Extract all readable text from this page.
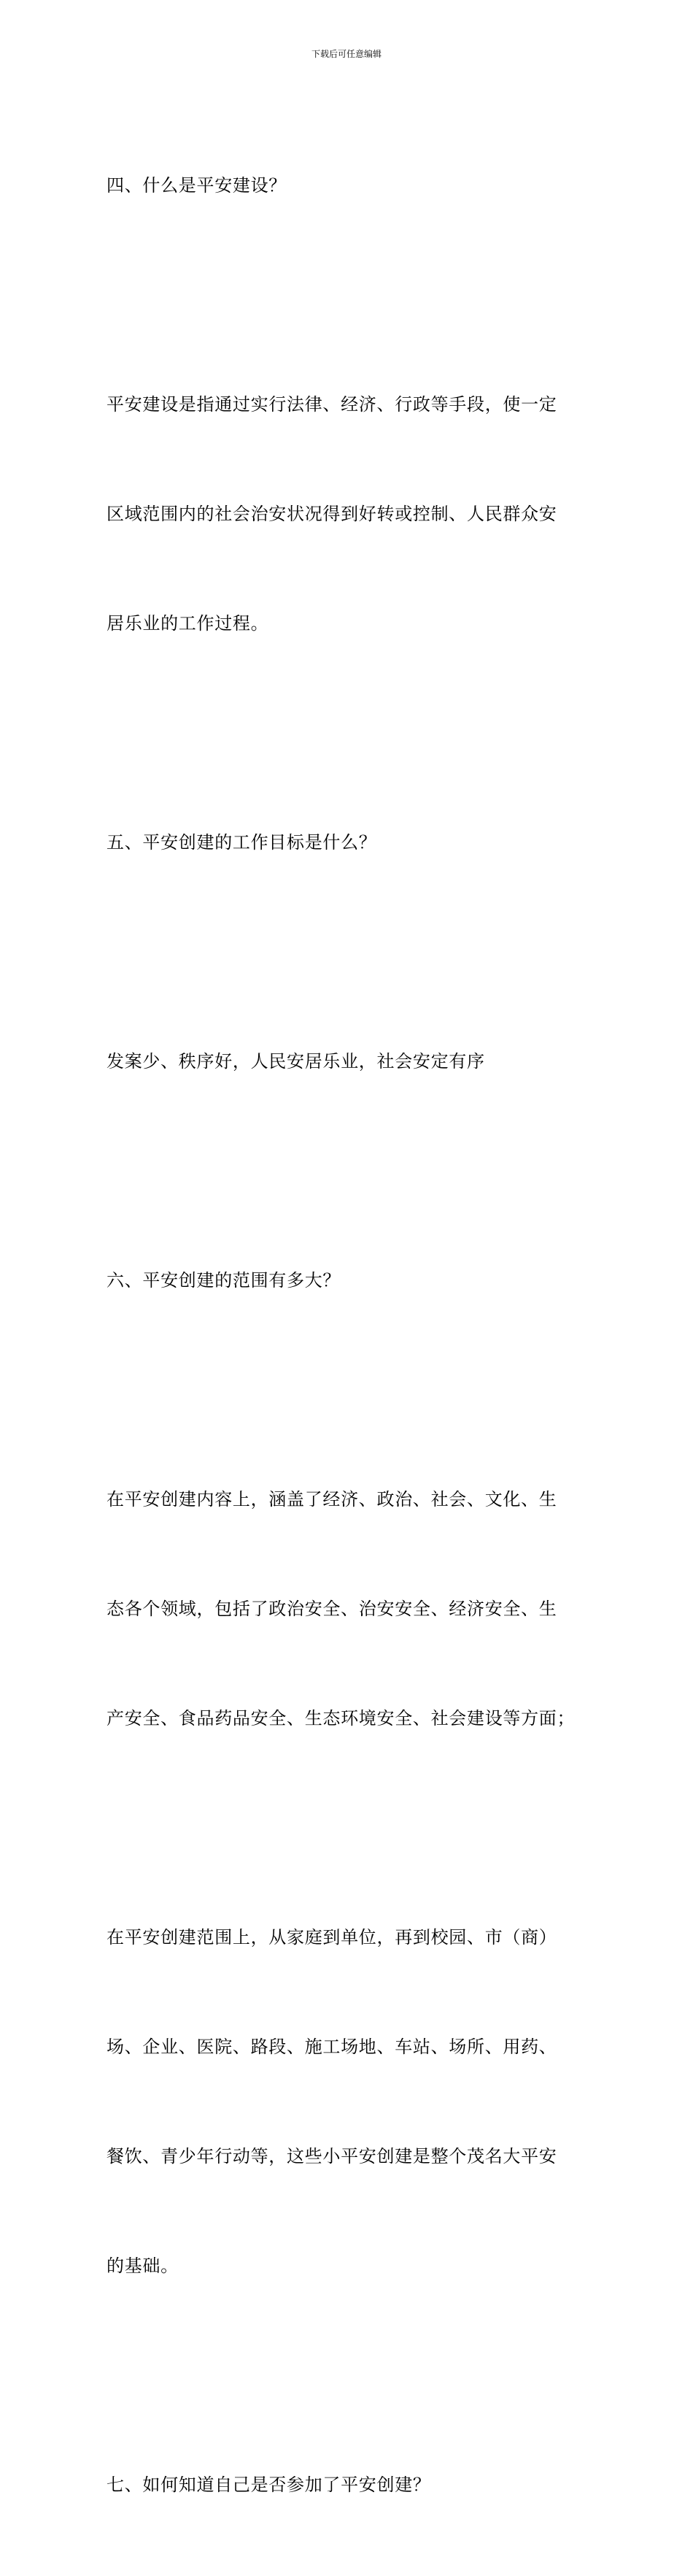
下载后可任意编辑

四、什么是平安建设？

平安建设是指通过实行法律、经济、行政等手段，使一定

区域范围内的社会治安状况得到好转或控制、人民群众安

居乐业的工作过程。

五、平安创建的工作目标是什么？

发案少、秩序好，人民安居乐业，社会安定有序

六、平安创建的范围有多大？

在平安创建内容上，涵盖了经济、政治、社会、文化、生

态各个领域，包括了政治安全、治安安全、经济安全、生

产安全、食品药品安全、生态环境安全、社会建设等方面；

在平安创建范围上，从家庭到单位，再到校园、市（商）

场、企业、医院、路段、施工场地、车站、场所、用药、

餐饮、青少年行动等，这些小平安创建是整个茂名大平安

的基础。

七、如何知道自己是否参加了平安创建？
